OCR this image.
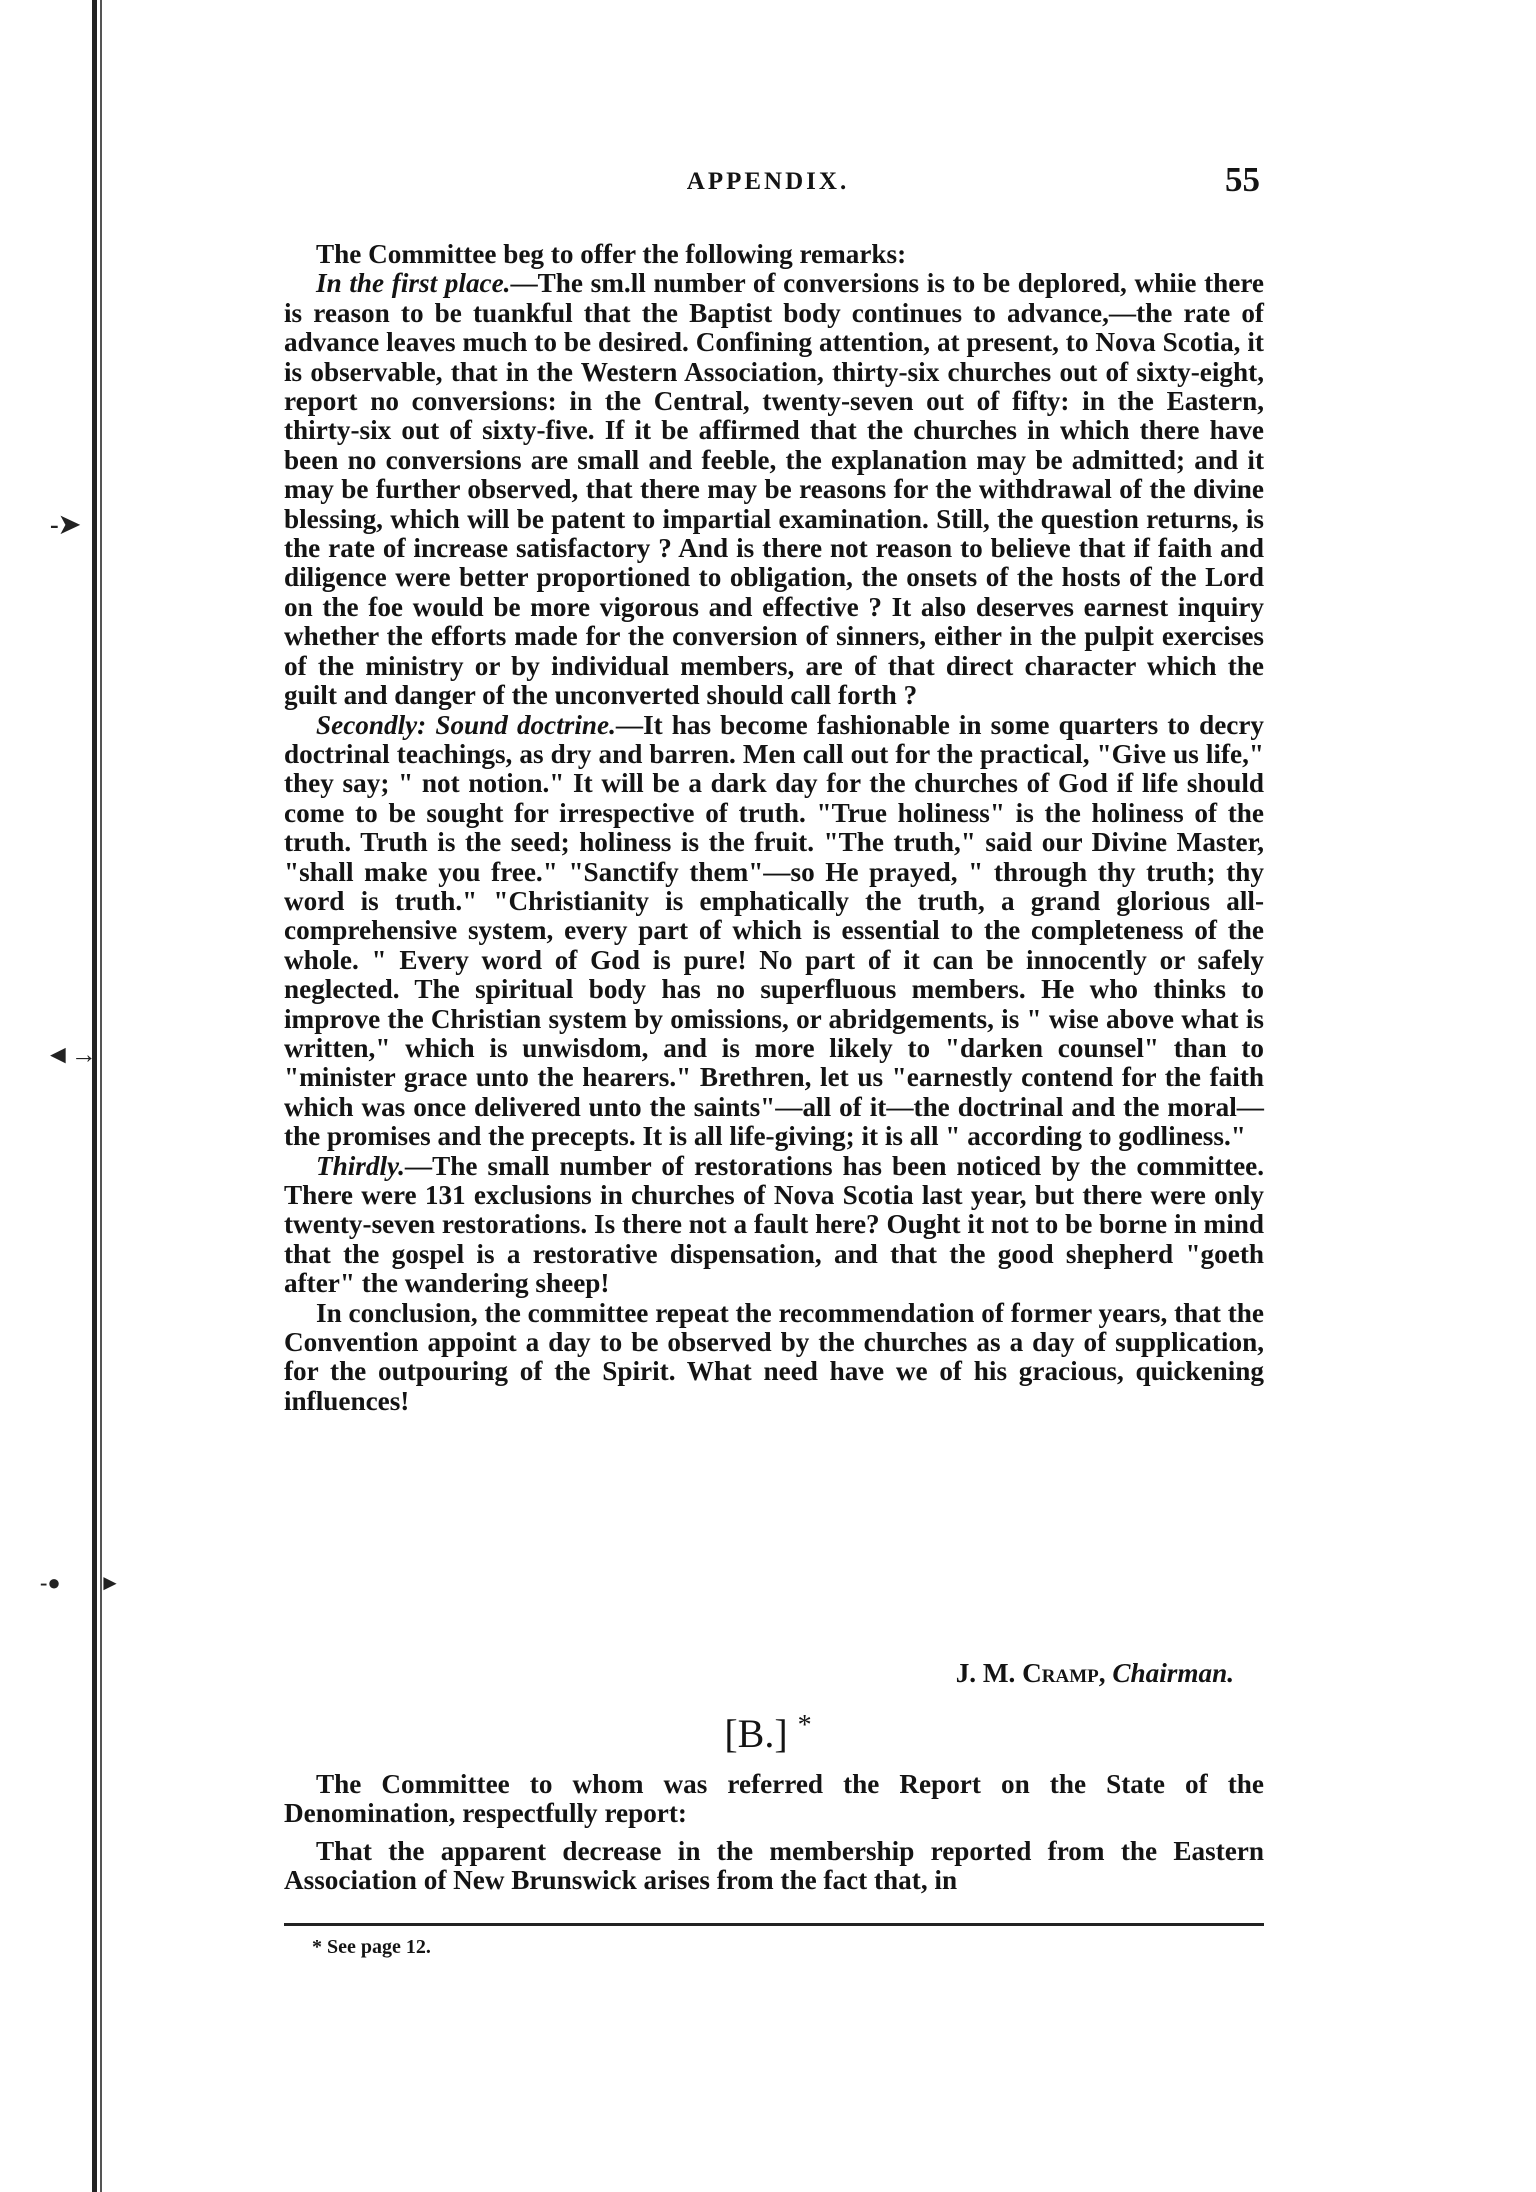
-➤
◄→
-●       ►
APPENDIX.	55

The Committee beg to offer the following remarks:

In the first place.—The sm.ll number of conversions is to be deplored, whiie there is reason to be tuankful that the Baptist body continues to advance,—the rate of advance leaves much to be desired. Confining attention, at present, to Nova Scotia, it is observable, that in the Western Association, thirty-six churches out of sixty-eight, report no conversions: in the Central, twenty-seven out of fifty: in the Eastern, thirty-six out of sixty-five. If it be affirmed that the churches in which there have been no conversions are small and feeble, the explanation may be admitted; and it may be further observed, that there may be reasons for the withdrawal of the divine blessing, which will be patent to impartial examination. Still, the question returns, is the rate of increase satisfactory ? And is there not reason to believe that if faith and diligence were better proportioned to obligation, the onsets of the hosts of the Lord on the foe would be more vigorous and effective ? It also deserves earnest inquiry whether the efforts made for the conversion of sinners, either in the pulpit exercises of the ministry or by individual members, are of that direct character which the guilt and danger of the unconverted should call forth ?

Secondly: Sound doctrine.—It has become fashionable in some quarters to decry doctrinal teachings, as dry and barren. Men call out for the practical, "Give us life," they say; " not notion." It will be a dark day for the churches of God if life should come to be sought for irrespective of truth. "True holiness" is the holiness of the truth. Truth is the seed; holiness is the fruit. "The truth," said our Divine Master, "shall make you free." "Sanctify them"—so He prayed, " through thy truth; thy word is truth." "Christianity is emphatically the truth, a grand glorious all-comprehensive system, every part of which is essential to the completeness of the whole. " Every word of God is pure! No part of it can be innocently or safely neglected. The spiritual body has no superfluous members. He who thinks to improve the Christian system by omissions, or abridgements, is " wise above what is written," which is unwisdom, and is more likely to "darken counsel" than to "minister grace unto the hearers." Brethren, let us "earnestly contend for the faith which was once delivered unto the saints"—all of it—the doctrinal and the moral—the promises and the precepts. It is all life-giving; it is all " according to godliness."

Thirdly.—The small number of restorations has been noticed by the committee. There were 131 exclusions in churches of Nova Scotia last year, but there were only twenty-seven restorations. Is there not a fault here? Ought it not to be borne in mind that the gospel is a restorative dispensation, and that the good shepherd "goeth after" the wandering sheep!

In conclusion, the committee repeat the recommendation of former years, that the Convention appoint a day to be observed by the churches as a day of supplication, for the outpouring of the Spirit. What need have we of his gracious, quickening influences!

J. M. Cramp, Chairman.
[B.] *

The Committee to whom was referred the Report on the State of the Denomination, respectfully report:

That the apparent decrease in the membership reported from the Eastern Association of New Brunswick arises from the fact that, in

* See page 12.
